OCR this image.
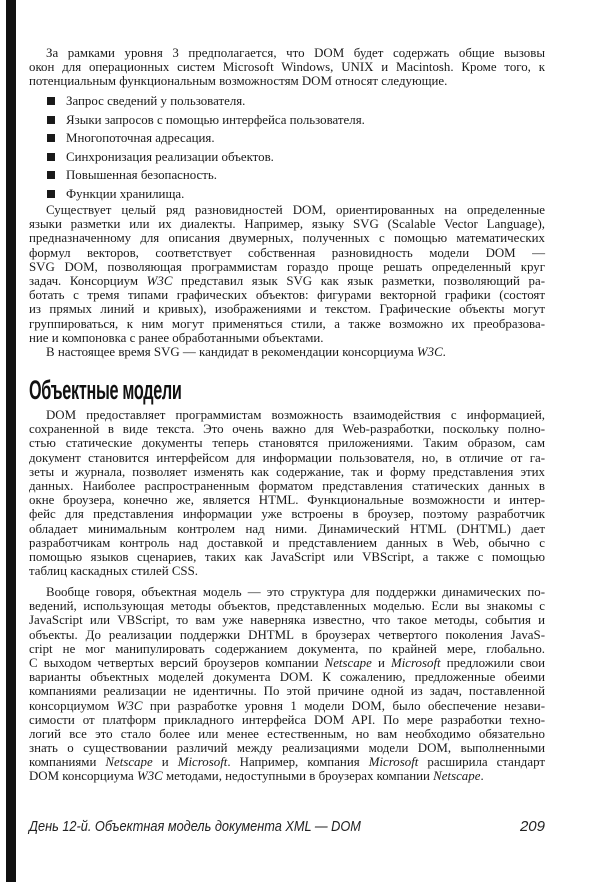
За рамками уровня 3 предполагается, что DOM будет содержать общие вызовы
окон для операционных систем Microsoft Windows, UNIX и Macintosh. Кроме того, к
потенциальным функциональным возможностям DOM относят следующие.
Запрос сведений у пользователя.
Языки запросов с помощью интерфейса пользователя.
Многопоточная адресация.
Синхронизация реализации объектов.
Повышенная безопасность.
Функции хранилища.
Существует целый ряд разновидностей DOM, ориентированных на определенные
языки разметки или их диалекты. Например, языку SVG (Scalable Vector Language),
предназначенному для описания двумерных, полученных с помощью математических
формул векторов, соответствует собственная разновидность модели DOM —
SVG DOM, позволяющая программистам гораздо проще решать определенный круг
задач. Консорциум W3C представил язык SVG как язык разметки, позволяющий ра-
ботать с тремя типами графических объектов: фигурами векторной графики (состоят
из прямых линий и кривых), изображениями и текстом. Графические объекты могут
группироваться, к ним могут применяться стили, а также возможно их преобразова-
ние и компоновка с ранее обработанными объектами.
В настоящее время SVG — кандидат в рекомендации консорциума W3C.
Объектные модели
DOM предоставляет программистам возможность взаимодействия с информацией,
сохраненной в виде текста. Это очень важно для Web-разработки, поскольку полно-
стью статические документы теперь становятся приложениями. Таким образом, сам
документ становится интерфейсом для информации пользователя, но, в отличие от га-
зеты и журнала, позволяет изменять как содержание, так и форму представления этих
данных. Наиболее распространенным форматом представления статических данных в
окне броузера, конечно же, является HTML. Функциональные возможности и интер-
фейс для представления информации уже встроены в броузер, поэтому разработчик
обладает минимальным контролем над ними. Динамический HTML (DHTML) дает
разработчикам контроль над доставкой и представлением данных в Web, обычно с
помощью языков сценариев, таких как JavaScript или VBScript, а также с помощью
таблиц каскадных стилей CSS.
Вообще говоря, объектная модель — это структура для поддержки динамических по-
ведений, использующая методы объектов, представленных моделью. Если вы знакомы с
JavaScript или VBScript, то вам уже наверняка известно, что такое методы, события и
объекты. До реализации поддержки DHTML в броузерах четвертого поколения JavaS-
cript не мог манипулировать содержанием документа, по крайней мере, глобально.
С выходом четвертых версий броузеров компании Netscape и Microsoft предложили свои
варианты объектных моделей документа DOM. К сожалению, предложенные обеими
компаниями реализации не идентичны. По этой причине одной из задач, поставленной
консорциумом W3C при разработке уровня 1 модели DOM, было обеспечение незави-
симости от платформ прикладного интерфейса DOM API. По мере разработки техно-
логий все это стало более или менее естественным, но вам необходимо обязательно
знать о существовании различий между реализациями модели DOM, выполненными
компаниями Netscape и Microsoft. Например, компания Microsoft расширила стандарт
DOM консорциума W3C методами, недоступными в броузерах компании Netscape.
День 12-й. Объектная модель документа XML — DOM	209
